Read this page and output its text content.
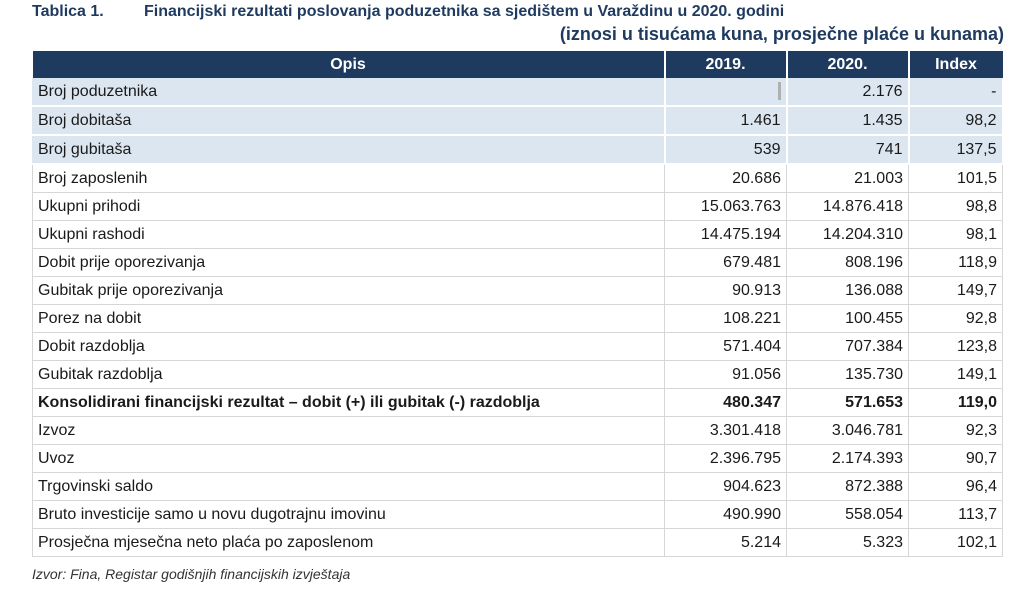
Tablica 1.	Financijski rezultati poslovanja poduzetnika sa sjedištem u Varaždinu u 2020. godini
(iznosi u tisućama kuna, prosječne plaće u kunama)
Opis	2019.	2020.	Index
Broj poduzetnika		2.176	-
Broj dobitaša	1.461	1.435	98,2
Broj gubitaša	539	741	137,5
Broj zaposlenih	20.686	21.003	101,5
Ukupni prihodi	15.063.763	14.876.418	98,8
Ukupni rashodi	14.475.194	14.204.310	98,1
Dobit prije oporezivanja	679.481	808.196	118,9
Gubitak prije oporezivanja	90.913	136.088	149,7
Porez na dobit	108.221	100.455	92,8
Dobit razdoblja	571.404	707.384	123,8
Gubitak razdoblja	91.056	135.730	149,1
Konsolidirani financijski rezultat – dobit (+) ili gubitak (-) razdoblja	480.347	571.653	119,0
Izvoz	3.301.418	3.046.781	92,3
Uvoz	2.396.795	2.174.393	90,7
Trgovinski saldo	904.623	872.388	96,4
Bruto investicije samo u novu dugotrajnu imovinu	490.990	558.054	113,7
Prosječna mjesečna neto plaća po zaposlenom	5.214	5.323	102,1
Izvor: Fina, Registar godišnjih financijskih izvještaja
